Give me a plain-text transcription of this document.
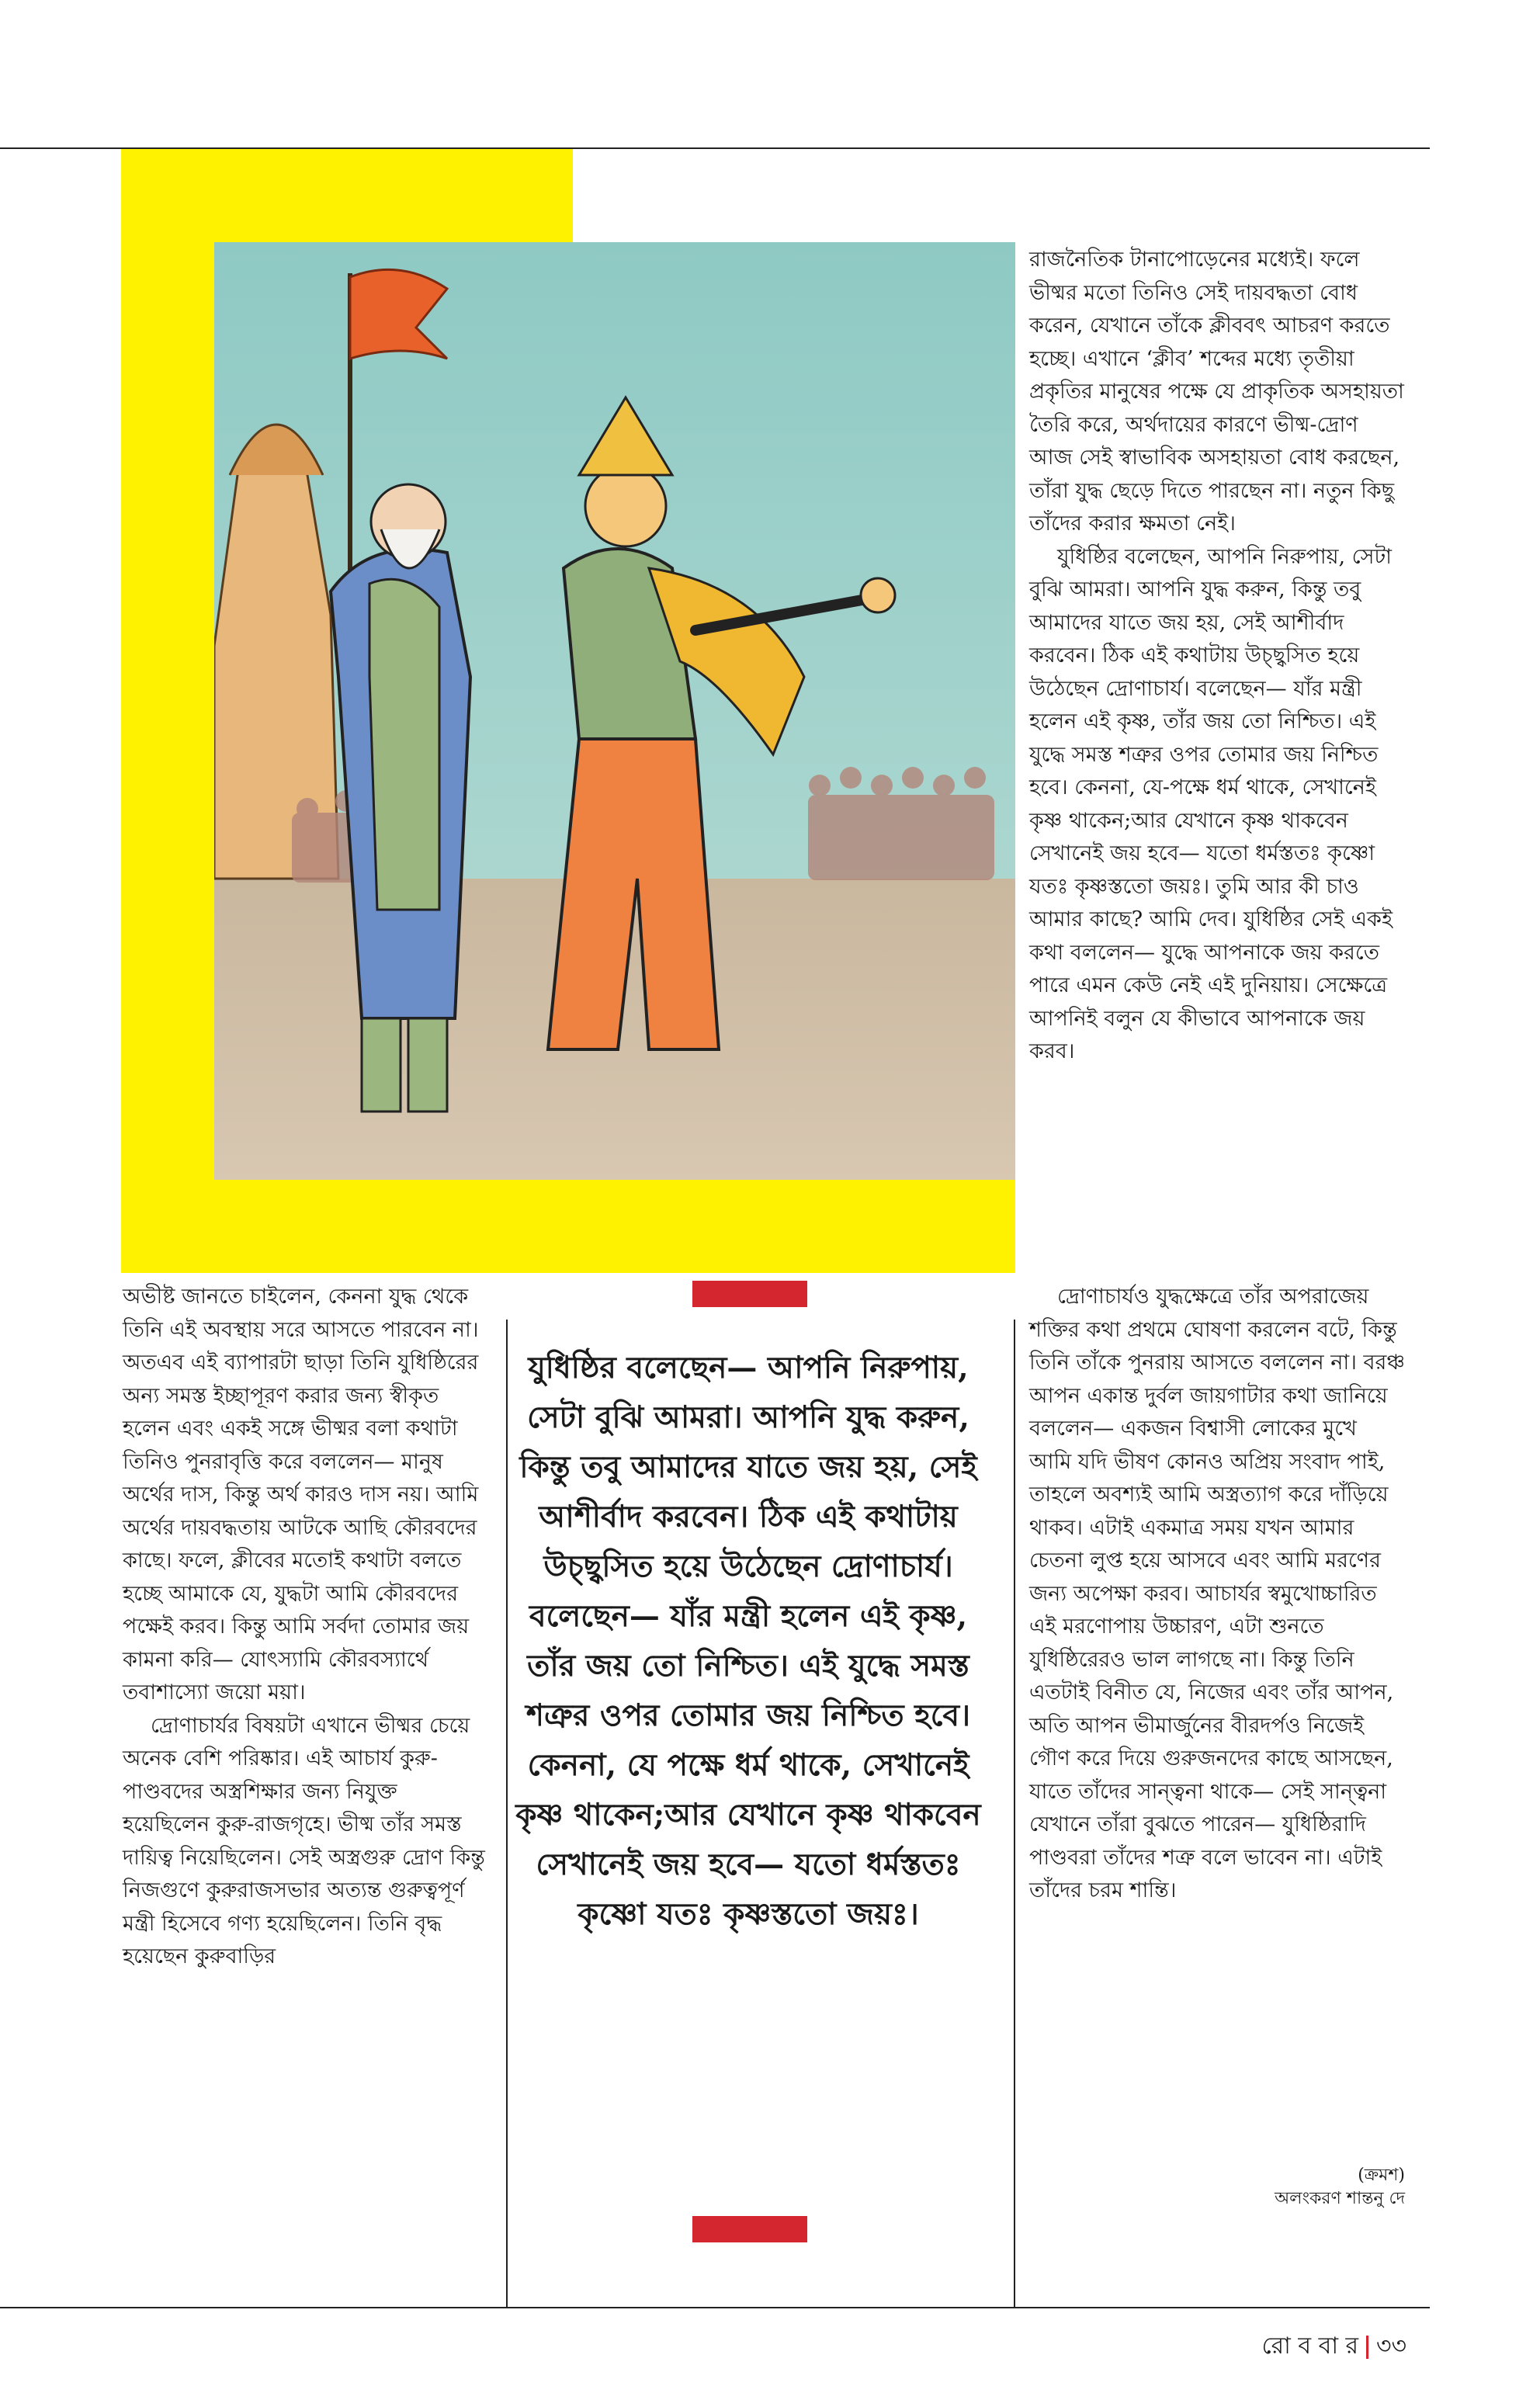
রাজনৈতিক টানাপোড়েনের মধ্যেই। ফলে ভীষ্মর মতো তিনিও সেই দায়বদ্ধতা বোধ করেন, যেখানে তাঁকে ক্লীববৎ আচরণ করতে হচ্ছে। এখানে ‘ক্লীব’ শব্দের মধ্যে তৃতীয়া প্রকৃতির মানুষের পক্ষে যে প্রাকৃতিক অসহায়তা তৈরি করে, অর্থদায়ের কারণে ভীষ্ম-দ্রোণ আজ সেই স্বাভাবিক অসহায়তা বোধ করছেন, তাঁরা যুদ্ধ ছেড়ে দিতে পারছেন না। নতুন কিছু তাঁদের করার ক্ষমতা নেই।

যুধিষ্ঠির বলেছেন, আপনি নিরুপায়, সেটা বুঝি আমরা। আপনি যুদ্ধ করুন, কিন্তু তবু আমাদের যাতে জয় হয়, সেই আশীর্বাদ করবেন। ঠিক এই কথাটায় উচ্ছ্বসিত হয়ে উঠেছেন দ্রোণাচার্য। বলেছেন— যাঁর মন্ত্রী হলেন এই কৃষ্ণ, তাঁর জয় তো নিশ্চিত। এই যুদ্ধে সমস্ত শত্রুর ওপর তোমার জয় নিশ্চিত হবে। কেননা, যে-পক্ষে ধর্ম থাকে, সেখানেই কৃষ্ণ থাকেন;আর যেখানে কৃষ্ণ থাকবেন সেখানেই জয় হবে— যতো ধর্মস্ততঃ কৃষ্ণো যতঃ কৃষ্ণস্ততো জয়ঃ। তুমি আর কী চাও আমার কাছে? আমি দেব। যুধিষ্ঠির সেই একই কথা বললেন— যুদ্ধে আপনাকে জয় করতে পারে এমন কেউ নেই এই দুনিয়ায়। সেক্ষেত্রে আপনিই বলুন যে কীভাবে আপনাকে জয় করব।

অভীষ্ট জানতে চাইলেন, কেননা যুদ্ধ থেকে তিনি এই অবস্থায় সরে আসতে পারবেন না। অতএব এই ব্যাপারটা ছাড়া তিনি যুধিষ্ঠিরের অন্য সমস্ত ইচ্ছাপূরণ করার জন্য স্বীকৃত হলেন এবং একই সঙ্গে ভীষ্মর বলা কথাটা তিনিও পুনরাবৃত্তি করে বললেন— মানুষ অর্থের দাস, কিন্তু অর্থ কারও দাস নয়। আমি অর্থের দায়বদ্ধতায় আটকে আছি কৌরবদের কাছে। ফলে, ক্লীবের মতোই কথাটা বলতে হচ্ছে আমাকে যে, যুদ্ধটা আমি কৌরবদের পক্ষেই করব। কিন্তু আমি সর্বদা তোমার জয় কামনা করি— যোৎস্যামি কৌরবস্যার্থে তবাশাস্যো জয়ো ময়া।

দ্রোণাচার্যর বিষয়টা এখানে ভীষ্মর চেয়ে অনেক বেশি পরিষ্কার। এই আচার্য কুরু-পাণ্ডবদের অস্ত্রশিক্ষার জন্য নিযুক্ত হয়েছিলেন কুরু-রাজগৃহে। ভীষ্ম তাঁর সমস্ত দায়িত্ব নিয়েছিলেন। সেই অস্ত্রগুরু দ্রোণ কিন্তু নিজগুণে কুরুরাজসভার অত্যন্ত গুরুত্বপূর্ণ মন্ত্রী হিসেবে গণ্য হয়েছিলেন। তিনি বৃদ্ধ হয়েছেন কুরুবাড়ির

যুধিষ্ঠির বলেছেন— আপনি নিরুপায়, সেটা বুঝি আমরা। আপনি যুদ্ধ করুন, কিন্তু তবু আমাদের যাতে জয় হয়, সেই আশীর্বাদ করবেন। ঠিক এই কথাটায় উচ্ছ্বসিত হয়ে উঠেছেন দ্রোণাচার্য। বলেছেন— যাঁর মন্ত্রী হলেন এই কৃষ্ণ, তাঁর জয় তো নিশ্চিত। এই যুদ্ধে সমস্ত শত্রুর ওপর তোমার জয় নিশ্চিত হবে। কেননা, যে পক্ষে ধর্ম থাকে, সেখানেই কৃষ্ণ থাকেন;আর যেখানে কৃষ্ণ থাকবেন সেখানেই জয় হবে— যতো ধর্মস্ততঃ কৃষ্ণো যতঃ কৃষ্ণস্ততো জয়ঃ।

দ্রোণাচার্যও যুদ্ধক্ষেত্রে তাঁর অপরাজেয় শক্তির কথা প্রথমে ঘোষণা করলেন বটে, কিন্তু তিনি তাঁকে পুনরায় আসতে বললেন না। বরঞ্চ আপন একান্ত দুর্বল জায়গাটার কথা জানিয়ে বললেন— একজন বিশ্বাসী লোকের মুখে আমি যদি ভীষণ কোনও অপ্রিয় সংবাদ পাই, তাহলে অবশ্যই আমি অস্ত্রত্যাগ করে দাঁড়িয়ে থাকব। এটাই একমাত্র সময় যখন আমার চেতনা লুপ্ত হয়ে আসবে এবং আমি মরণের জন্য অপেক্ষা করব। আচার্যর স্বমুখোচ্চারিত এই মরণোপায় উচ্চারণ, এটা শুনতে যুধিষ্ঠিরেরও ভাল লাগছে না। কিন্তু তিনি এতটাই বিনীত যে, নিজের এবং তাঁর আপন, অতি আপন ভীমার্জুনের বীরদর্পও নিজেই গৌণ করে দিয়ে গুরুজনদের কাছে আসছেন, যাতে তাঁদের সান্ত্বনা থাকে— সেই সান্ত্বনা যেখানে তাঁরা বুঝতে পারেন— যুধিষ্ঠিরাদি পাণ্ডবরা তাঁদের শত্রু বলে ভাবেন না। এটাই তাঁদের চরম শান্তি।

(ক্রমশ)
অলংকরণ শান্তনু দে
রো ব বা র | ৩৩
